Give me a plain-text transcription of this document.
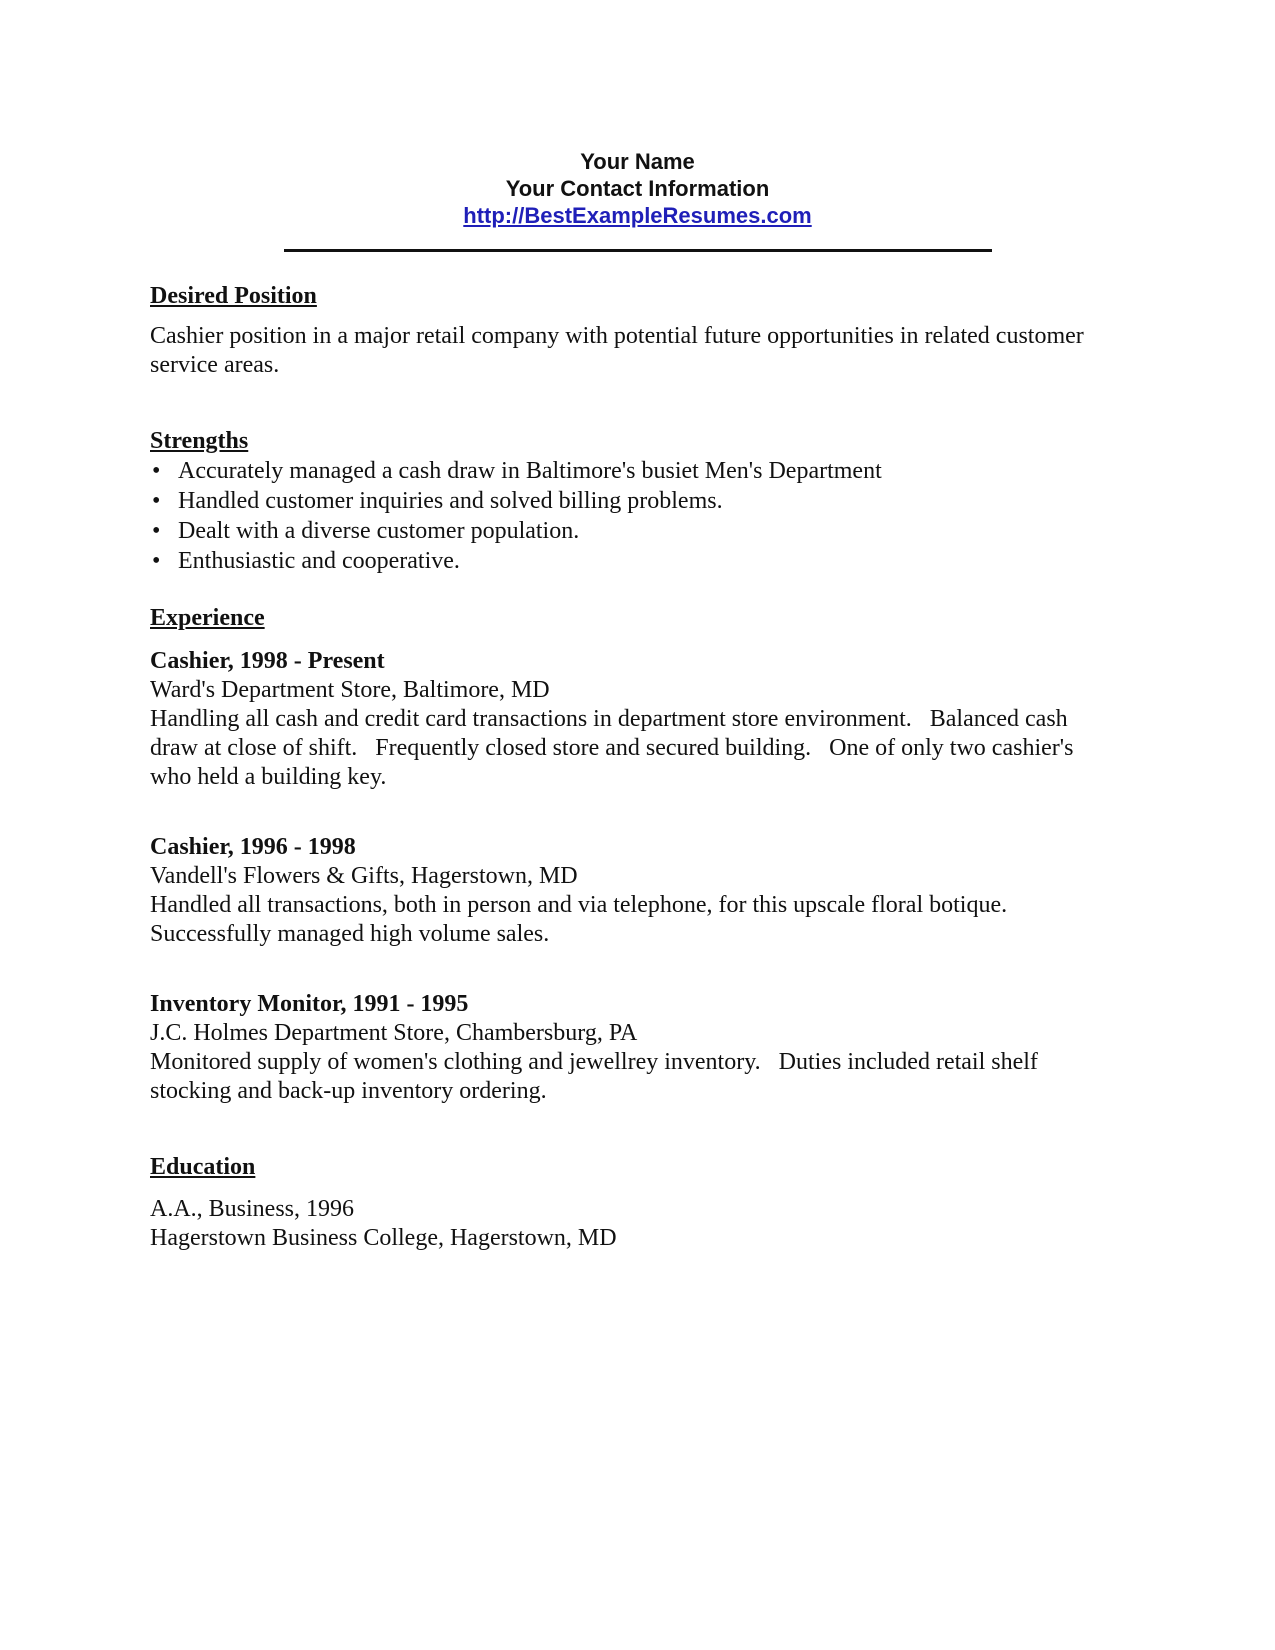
Your Name
Your Contact Information
http://BestExampleResumes.com
Desired Position
Cashier position in a major retail company with potential future opportunities in related customer
service areas.
Strengths
• Accurately managed a cash draw in Baltimore's busiet Men's Department
• Handled customer inquiries and solved billing problems.
• Dealt with a diverse customer population.
• Enthusiastic and cooperative.
Experience
Cashier, 1998 - Present
Ward's Department Store, Baltimore, MD
Handling all cash and credit card transactions in department store environment.   Balanced cash
draw at close of shift.   Frequently closed store and secured building.   One of only two cashier's
who held a building key.
Cashier, 1996 - 1998
Vandell's Flowers & Gifts, Hagerstown, MD
Handled all transactions, both in person and via telephone, for this upscale floral botique.
Successfully managed high volume sales.
Inventory Monitor, 1991 - 1995
J.C. Holmes Department Store, Chambersburg, PA
Monitored supply of women's clothing and jewellrey inventory.   Duties included retail shelf
stocking and back-up inventory ordering.
Education
A.A., Business, 1996
Hagerstown Business College, Hagerstown, MD
